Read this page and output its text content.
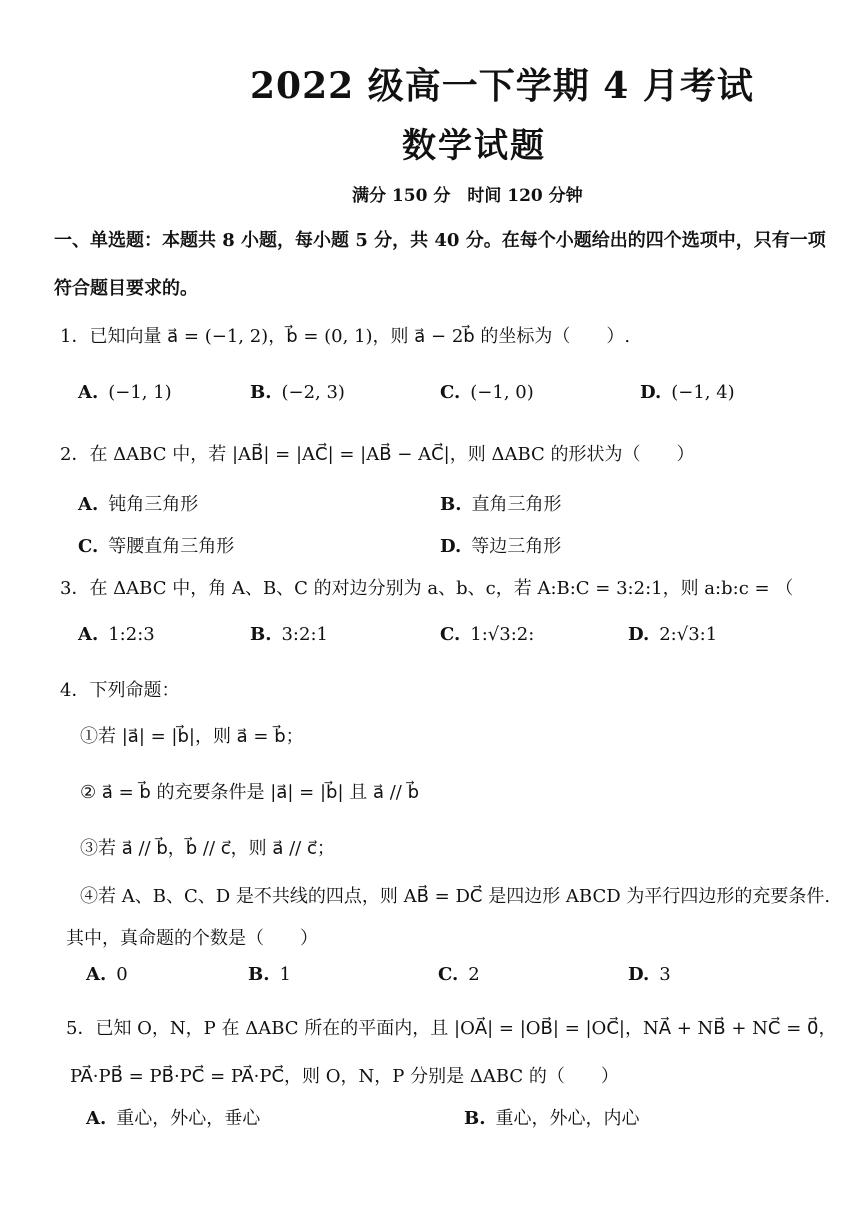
2022 级高一下学期 4 月考试
数学试题
满分 150 分　时间 120 分钟
一、单选题：本题共 8 小题，每小题 5 分，共 40 分。在每个小题给出的四个选项中，只有一项
符合题目要求的。
1．已知向量 a⃗ = (−1, 2)，b⃗ = (0, 1)，则 a⃗ − 2b⃗ 的坐标为（　　）.
A. (−1, 1)	B. (−2, 3)	C. (−1, 0)	D. (−1, 4)
2．在 ΔABC 中，若 |AB⃗| = |AC⃗| = |AB⃗ − AC⃗|，则 ΔABC 的形状为（　　）
A. 钝角三角形	B. 直角三角形
C. 等腰直角三角形	D. 等边三角形
3．在 ΔABC 中，角 A、B、C 的对边分别为 a、b、c，若 A:B:C = 3:2:1，则 a:b:c = （
A. 1:2:3	B. 3:2:1	C. 1:√3:2:	D. 2:√3:1
4．下列命题：
①若 |a⃗| = |b⃗|，则 a⃗ = b⃗；
② a⃗ = b⃗ 的充要条件是 |a⃗| = |b⃗| 且 a⃗ // b⃗
③若 a⃗ // b⃗，b⃗ // c⃗，则 a⃗ // c⃗；
④若 A、B、C、D 是不共线的四点，则 AB⃗ = DC⃗ 是四边形 ABCD 为平行四边形的充要条件.
其中，真命题的个数是（　　）
A. 0	B. 1	C. 2	D. 3
5．已知 O，N，P 在 ΔABC 所在的平面内，且 |OA⃗| = |OB⃗| = |OC⃗|，NA⃗ + NB⃗ + NC⃗ = 0⃗，
PA⃗·PB⃗ = PB⃗·PC⃗ = PA⃗·PC⃗，则 O，N，P 分别是 ΔABC 的（　　）
A. 重心，外心，垂心	B. 重心，外心，内心
